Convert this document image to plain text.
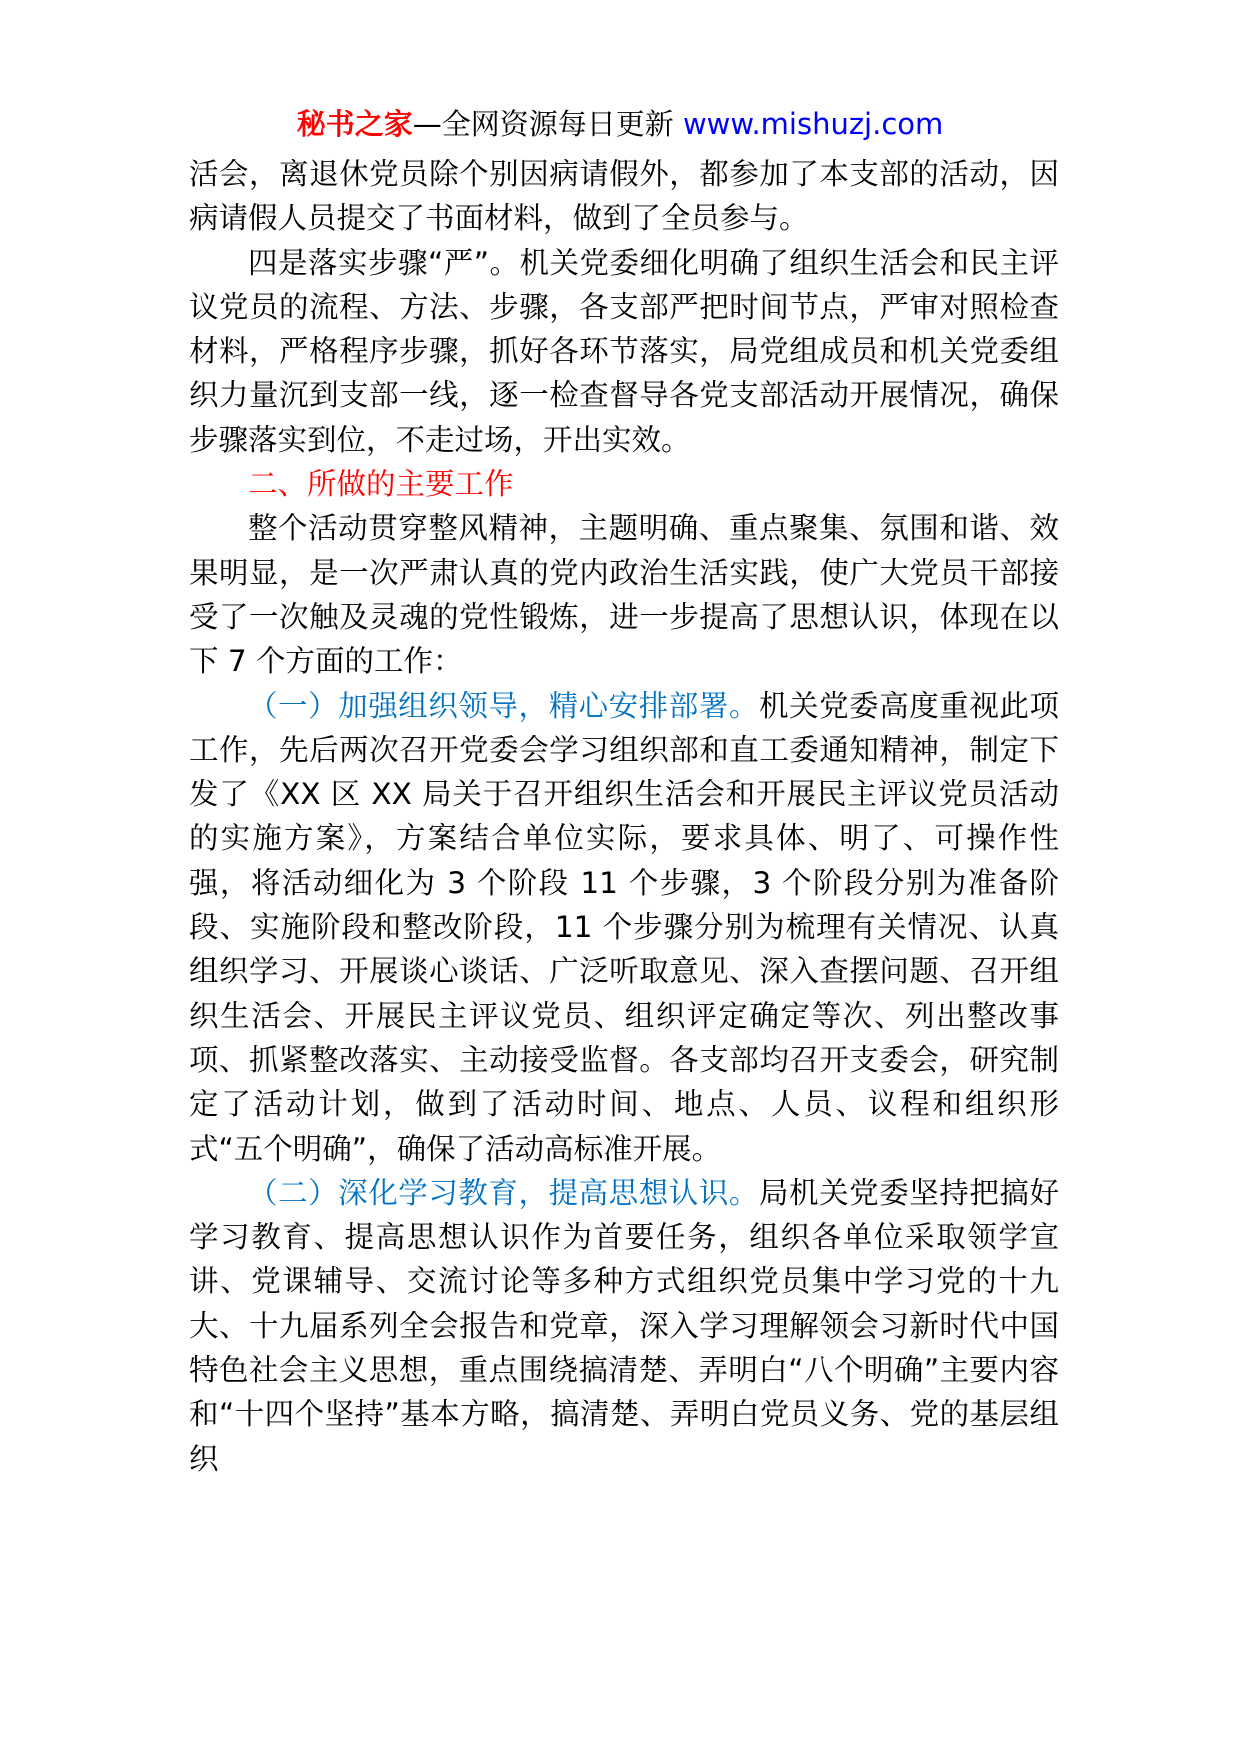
秘书之家—全网资源每日更新 www.mishuzj.com

活会，离退休党员除个别因病请假外，都参加了本支部的活动，因病请假人员提交了书面材料，做到了全员参与。

四是落实步骤“严”。机关党委细化明确了组织生活会和民主评议党员的流程、方法、步骤，各支部严把时间节点，严审对照检查材料，严格程序步骤，抓好各环节落实，局党组成员和机关党委组织力量沉到支部一线，逐一检查督导各党支部活动开展情况，确保步骤落实到位，不走过场，开出实效。

二、所做的主要工作

整个活动贯穿整风精神，主题明确、重点聚集、氛围和谐、效果明显，是一次严肃认真的党内政治生活实践，使广大党员干部接受了一次触及灵魂的党性锻炼，进一步提高了思想认识，体现在以下 7 个方面的工作：

（一）加强组织领导，精心安排部署。机关党委高度重视此项工作，先后两次召开党委会学习组织部和直工委通知精神，制定下发了《XX 区 XX 局关于召开组织生活会和开展民主评议党员活动的实施方案》，方案结合单位实际，要求具体、明了、可操作性强，将活动细化为 3 个阶段 11 个步骤，3 个阶段分别为准备阶段、实施阶段和整改阶段，11 个步骤分别为梳理有关情况、认真组织学习、开展谈心谈话、广泛听取意见、深入查摆问题、召开组织生活会、开展民主评议党员、组织评定确定等次、列出整改事项、抓紧整改落实、主动接受监督。各支部均召开支委会，研究制定了活动计划，做到了活动时间、地点、人员、议程和组织形式“五个明确”，确保了活动高标准开展。

（二）深化学习教育，提高思想认识。局机关党委坚持把搞好学习教育、提高思想认识作为首要任务，组织各单位采取领学宣讲、党课辅导、交流讨论等多种方式组织党员集中学习党的十九大、十九届系列全会报告和党章，深入学习理解领会习新时代中国特色社会主义思想，重点围绕搞清楚、弄明白“八个明确”主要内容和“十四个坚持”基本方略，搞清楚、弄明白党员义务、党的基层组织
